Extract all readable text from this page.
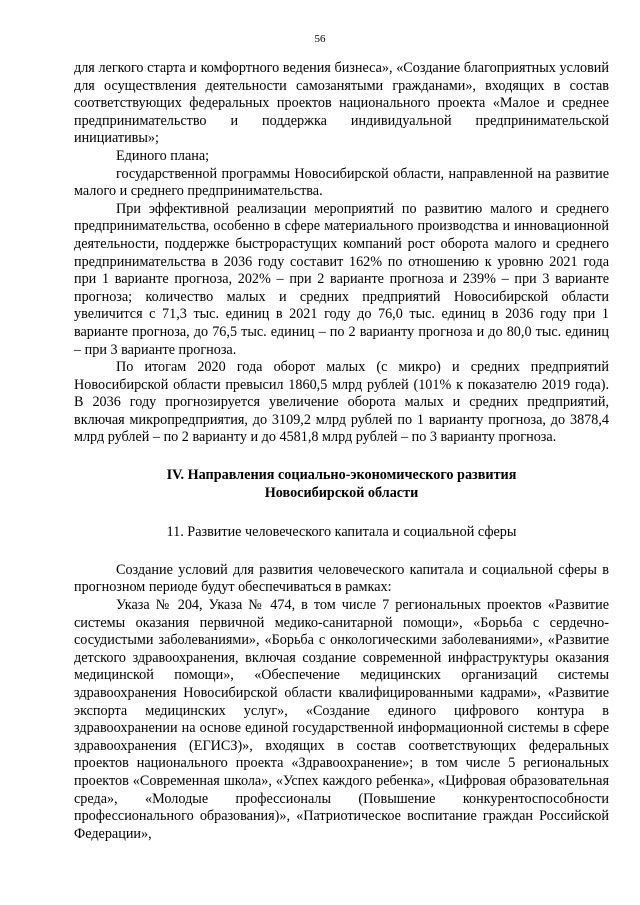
56

для легкого старта и комфортного ведения бизнеса», «Создание благоприятных условий для осуществления деятельности самозанятыми гражданами», входящих в состав соответствующих федеральных проектов национального проекта «Малое и среднее предпринимательство и поддержка индивидуальной предпринимательской инициативы»;

Единого плана;

государственной программы Новосибирской области, направленной на развитие малого и среднего предпринимательства.

При эффективной реализации мероприятий по развитию малого и среднего предпринимательства, особенно в сфере материального производства и инновационной деятельности, поддержке быстрорастущих компаний рост оборота малого и среднего предпринимательства в 2036 году составит 162% по отношению к уровню 2021 года при 1 варианте прогноза, 202% – при 2 варианте прогноза и 239% – при 3 варианте прогноза; количество малых и средних предприятий Новосибирской области увеличится с 71,3 тыс. единиц в 2021 году до 76,0 тыс. единиц в 2036 году при 1 варианте прогноза, до 76,5 тыс. единиц – по 2 варианту прогноза и до 80,0 тыс. единиц – при 3 варианте прогноза.

По итогам 2020 года оборот малых (с микро) и средних предприятий Новосибирской области превысил 1860,5 млрд рублей (101% к показателю 2019 года). В 2036 году прогнозируется увеличение оборота малых и средних предприятий, включая микропредприятия, до 3109,2 млрд рублей по 1 варианту прогноза, до 3878,4 млрд рублей – по 2 варианту и до 4581,8 млрд рублей – по 3 варианту прогноза.

IV. Направления социально-экономического развития
Новосибирской области

11. Развитие человеческого капитала и социальной сферы

Создание условий для развития человеческого капитала и социальной сферы в прогнозном периоде будут обеспечиваться в рамках:

Указа № 204, Указа № 474, в том числе 7 региональных проектов «Развитие системы оказания первичной медико-санитарной помощи», «Борьба с сердечно-сосудистыми заболеваниями», «Борьба с онкологическими заболеваниями», «Развитие детского здравоохранения, включая создание современной инфраструктуры оказания медицинской помощи», «Обеспечение медицинских организаций системы здравоохранения Новосибирской области квалифицированными кадрами», «Развитие экспорта медицинских услуг», «Создание единого цифрового контура в здравоохранении на основе единой государственной информационной системы в сфере здравоохранения (ЕГИСЗ)», входящих в состав соответствующих федеральных проектов национального проекта «Здравоохранение»; в том числе 5 региональных проектов «Современная школа», «Успех каждого ребенка», «Цифровая образовательная среда», «Молодые профессионалы (Повышение конкурентоспособности профессионального образования)», «Патриотическое воспитание граждан Российской Федерации»,
